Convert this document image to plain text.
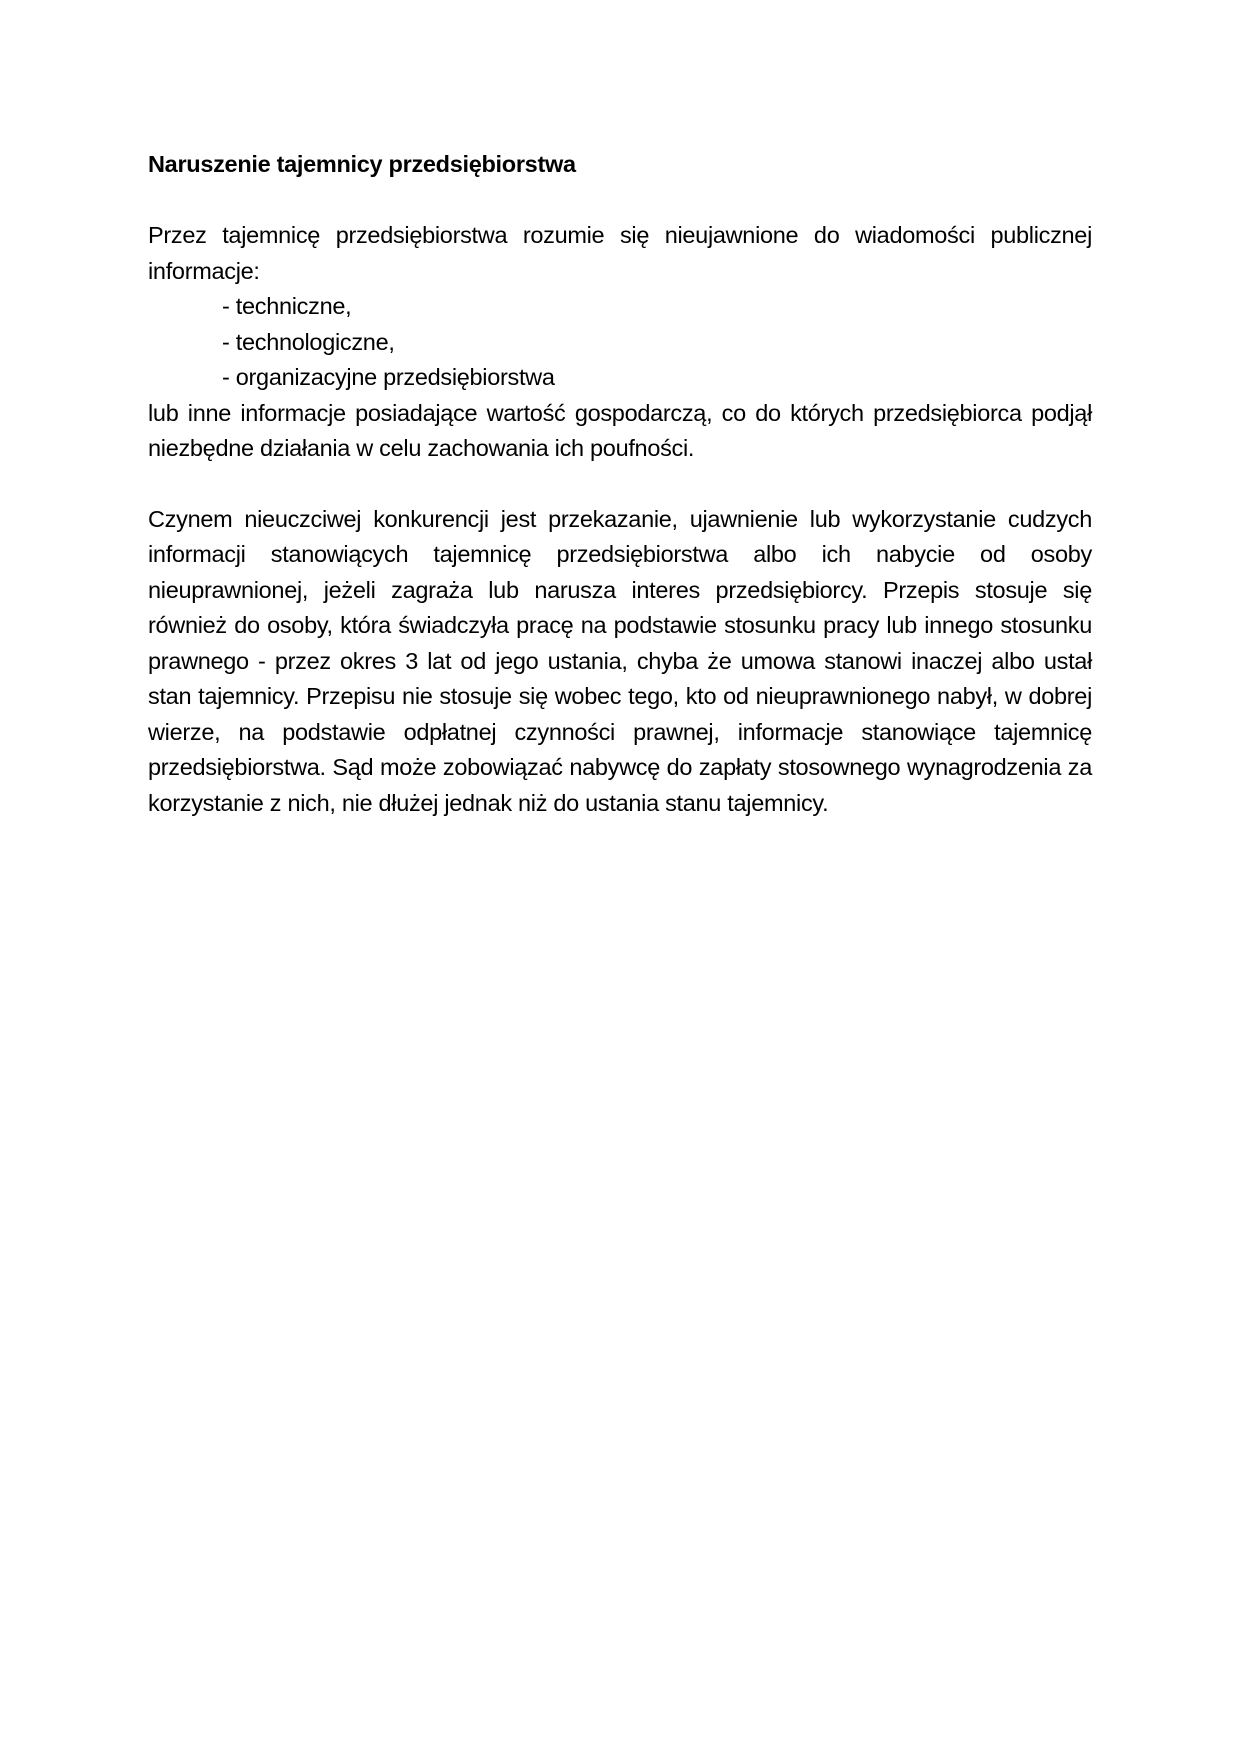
Naruszenie tajemnicy przedsiębiorstwa

Przez tajemnicę przedsiębiorstwa rozumie się nieujawnione do wiadomości publicznej informacje:

- techniczne,
- technologiczne,
- organizacyjne przedsiębiorstwa

lub inne informacje posiadające wartość gospodarczą, co do których przedsiębiorca podjął niezbędne działania w celu zachowania ich poufności.

Czynem nieuczciwej konkurencji jest przekazanie, ujawnienie lub wykorzystanie cudzych informacji stanowiących tajemnicę przedsiębiorstwa albo ich nabycie od osoby nieuprawnionej, jeżeli zagraża lub narusza interes przedsiębiorcy. Przepis stosuje się również do osoby, która świadczyła pracę na podstawie stosunku pracy lub innego stosunku prawnego - przez okres 3 lat od jego ustania, chyba że umowa stanowi inaczej albo ustał stan tajemnicy. Przepisu nie stosuje się wobec tego, kto od nieuprawnionego nabył, w dobrej wierze, na podstawie odpłatnej czynności prawnej, informacje stanowiące tajemnicę przedsiębiorstwa. Sąd może zobowiązać nabywcę do zapłaty stosownego wynagrodzenia za korzystanie z nich, nie dłużej jednak niż do ustania stanu tajemnicy.
